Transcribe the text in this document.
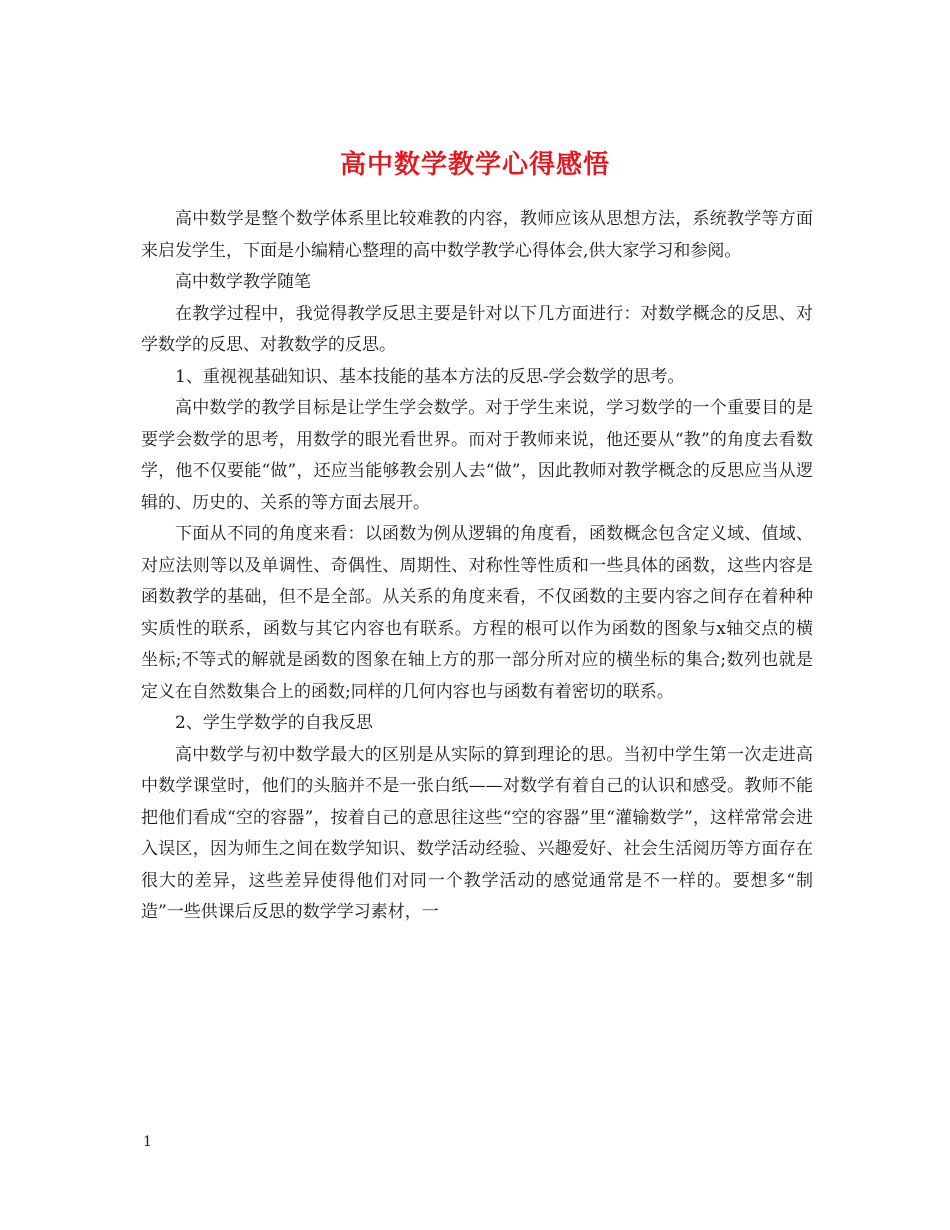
高中数学教学心得感悟

高中数学是整个数学体系里比较难教的内容，教师应该从思想方法，系统教学等方面来启发学生，下面是小编精心整理的高中数学教学心得体会,供大家学习和参阅。

高中数学教学随笔

在教学过程中，我觉得教学反思主要是针对以下几方面进行：对数学概念的反思、对学数学的反思、对教数学的反思。

1、重视视基础知识、基本技能的基本方法的反思-学会数学的思考。

高中数学的教学目标是让学生学会数学。对于学生来说，学习数学的一个重要目的是要学会数学的思考，用数学的眼光看世界。而对于教师来说，他还要从“教”的角度去看数学，他不仅要能“做”，还应当能够教会别人去“做”，因此教师对教学概念的反思应当从逻辑的、历史的、关系的等方面去展开。

下面从不同的角度来看：以函数为例从逻辑的角度看，函数概念包含定义域、值域、对应法则等以及单调性、奇偶性、周期性、对称性等性质和一些具体的函数，这些内容是函数教学的基础，但不是全部。从关系的角度来看，不仅函数的主要内容之间存在着种种实质性的联系，函数与其它内容也有联系。方程的根可以作为函数的图象与x轴交点的横坐标;不等式的解就是函数的图象在轴上方的那一部分所对应的横坐标的集合;数列也就是定义在自然数集合上的函数;同样的几何内容也与函数有着密切的联系。

2、学生学数学的自我反思

高中数学与初中数学最大的区别是从实际的算到理论的思。当初中学生第一次走进高中数学课堂时，他们的头脑并不是一张白纸——对数学有着自己的认识和感受。教师不能把他们看成“空的容器”，按着自己的意思往这些“空的容器”里“灌输数学”，这样常常会进入误区，因为师生之间在数学知识、数学活动经验、兴趣爱好、社会生活阅历等方面存在很大的差异，这些差异使得他们对同一个教学活动的感觉通常是不一样的。要想多“制造”一些供课后反思的数学学习素材，一

1
